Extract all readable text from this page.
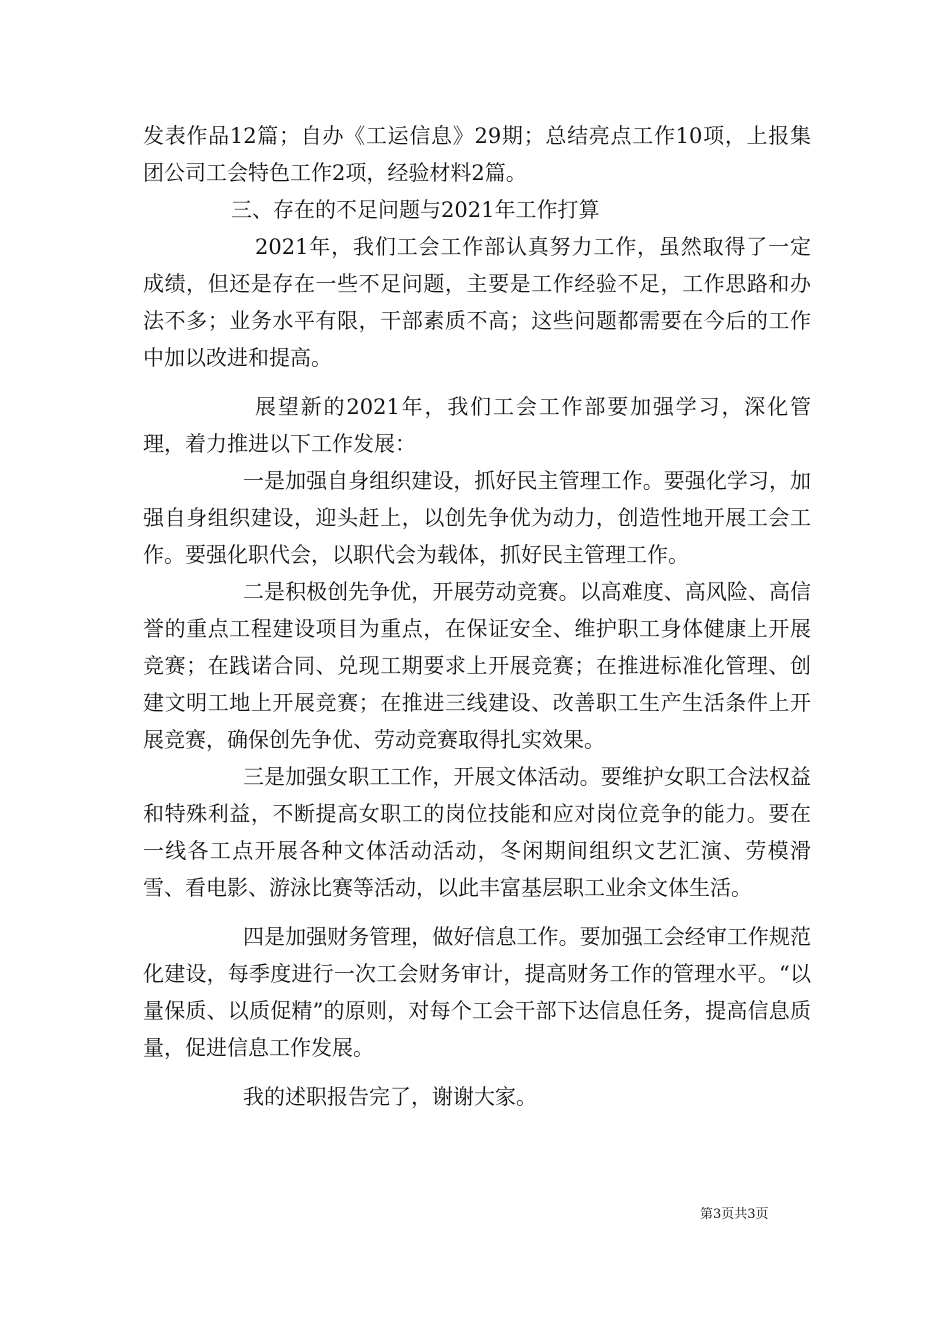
发表作品12篇；自办《工运信息》29期；总结亮点工作10项，上报集团公司工会特色工作2项，经验材料2篇。

三、存在的不足问题与2021年工作打算

2021年，我们工会工作部认真努力工作，虽然取得了一定成绩，但还是存在一些不足问题，主要是工作经验不足，工作思路和办法不多；业务水平有限，干部素质不高；这些问题都需要在今后的工作中加以改进和提高。

展望新的2021年，我们工会工作部要加强学习，深化管理，着力推进以下工作发展：

一是加强自身组织建设，抓好民主管理工作。要强化学习，加强自身组织建设，迎头赶上，以创先争优为动力，创造性地开展工会工作。要强化职代会，以职代会为载体，抓好民主管理工作。

二是积极创先争优，开展劳动竞赛。以高难度、高风险、高信誉的重点工程建设项目为重点，在保证安全、维护职工身体健康上开展竞赛；在践诺合同、兑现工期要求上开展竞赛；在推进标准化管理、创建文明工地上开展竞赛；在推进三线建设、改善职工生产生活条件上开展竞赛，确保创先争优、劳动竞赛取得扎实效果。

三是加强女职工工作，开展文体活动。要维护女职工合法权益和特殊利益，不断提高女职工的岗位技能和应对岗位竞争的能力。要在一线各工点开展各种文体活动活动，冬闲期间组织文艺汇演、劳模滑雪、看电影、游泳比赛等活动，以此丰富基层职工业余文体生活。

四是加强财务管理，做好信息工作。要加强工会经审工作规范化建设，每季度进行一次工会财务审计，提高财务工作的管理水平。“以量保质、以质促精”的原则，对每个工会干部下达信息任务，提高信息质量，促进信息工作发展。

我的述职报告完了，谢谢大家。

第3页共3页
